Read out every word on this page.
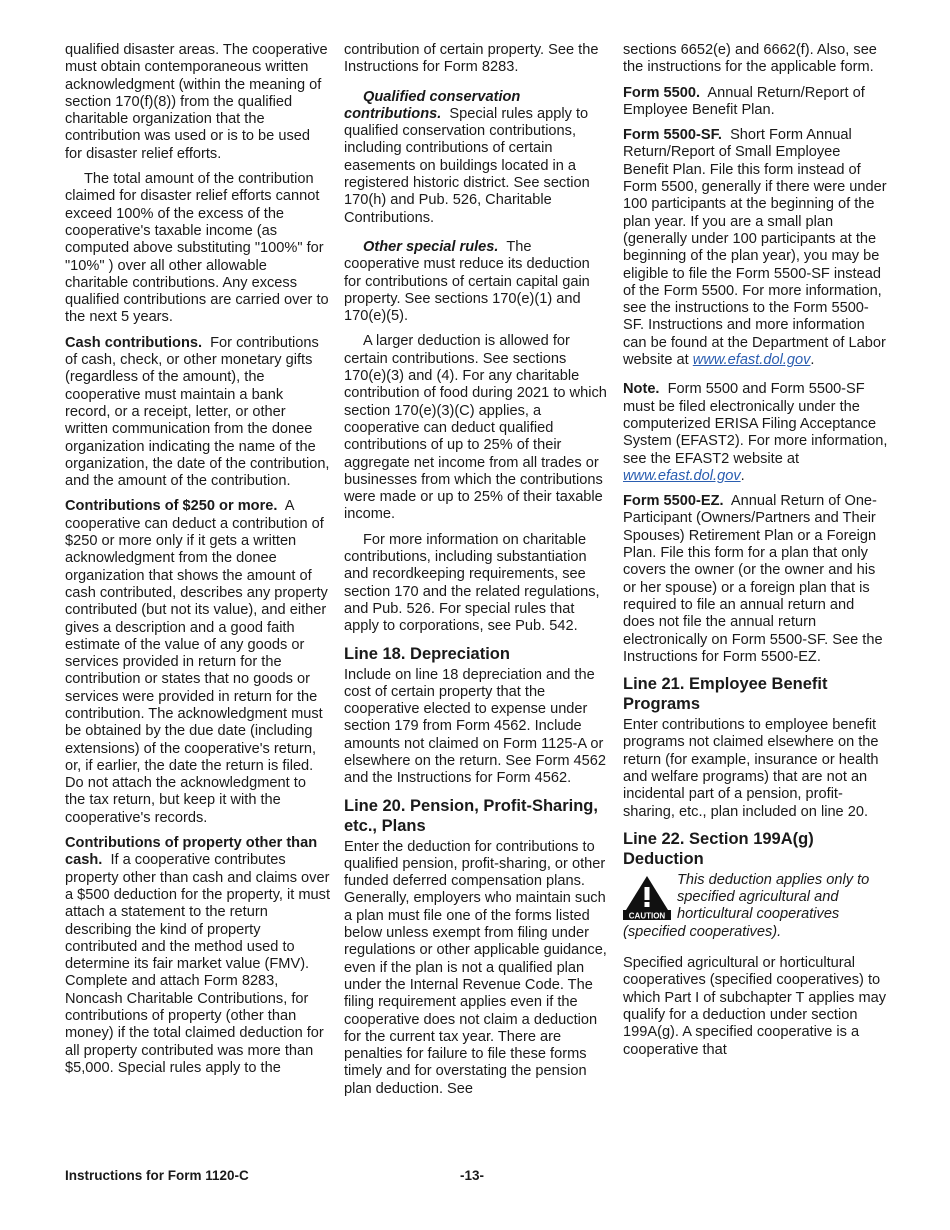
qualified disaster areas. The cooperative must obtain contemporaneous written acknowledgment (within the meaning of section 170(f)(8)) from the qualified charitable organization that the contribution was used or is to be used for disaster relief efforts.

The total amount of the contribution claimed for disaster relief efforts cannot exceed 100% of the excess of the cooperative's taxable income (as computed above substituting "100%" for "10%" ) over all other allowable charitable contributions. Any excess qualified contributions are carried over to the next 5 years.

Cash contributions. For contributions of cash, check, or other monetary gifts (regardless of the amount), the cooperative must maintain a bank record, or a receipt, letter, or other written communication from the donee organization indicating the name of the organization, the date of the contribution, and the amount of the contribution.

Contributions of $250 or more. A cooperative can deduct a contribution of $250 or more only if it gets a written acknowledgment from the donee organization that shows the amount of cash contributed, describes any property contributed (but not its value), and either gives a description and a good faith estimate of the value of any goods or services provided in return for the contribution or states that no goods or services were provided in return for the contribution. The acknowledgment must be obtained by the due date (including extensions) of the cooperative's return, or, if earlier, the date the return is filed. Do not attach the acknowledgment to the tax return, but keep it with the cooperative's records.

Contributions of property other than cash. If a cooperative contributes property other than cash and claims over a $500 deduction for the property, it must attach a statement to the return describing the kind of property contributed and the method used to determine its fair market value (FMV). Complete and attach Form 8283, Noncash Charitable Contributions, for contributions of property (other than money) if the total claimed deduction for all property contributed was more than $5,000. Special rules apply to the

contribution of certain property. See the Instructions for Form 8283.

Qualified conservation contributions. Special rules apply to qualified conservation contributions, including contributions of certain easements on buildings located in a registered historic district. See section 170(h) and Pub. 526, Charitable Contributions.

Other special rules. The cooperative must reduce its deduction for contributions of certain capital gain property. See sections 170(e)(1) and 170(e)(5).

A larger deduction is allowed for certain contributions. See sections 170(e)(3) and (4). For any charitable contribution of food during 2021 to which section 170(e)(3)(C) applies, a cooperative can deduct qualified contributions of up to 25% of their aggregate net income from all trades or businesses from which the contributions were made or up to 25% of their taxable income.

For more information on charitable contributions, including substantiation and recordkeeping requirements, see section 170 and the related regulations, and Pub. 526. For special rules that apply to corporations, see Pub. 542.

Line 18. Depreciation

Include on line 18 depreciation and the cost of certain property that the cooperative elected to expense under section 179 from Form 4562. Include amounts not claimed on Form 1125-A or elsewhere on the return. See Form 4562 and the Instructions for Form 4562.

Line 20. Pension, Profit-Sharing, etc., Plans

Enter the deduction for contributions to qualified pension, profit-sharing, or other funded deferred compensation plans. Generally, employers who maintain such a plan must file one of the forms listed below unless exempt from filing under regulations or other applicable guidance, even if the plan is not a qualified plan under the Internal Revenue Code. The filing requirement applies even if the cooperative does not claim a deduction for the current tax year. There are penalties for failure to file these forms timely and for overstating the pension plan deduction. See

sections 6652(e) and 6662(f). Also, see the instructions for the applicable form.

Form 5500. Annual Return/Report of Employee Benefit Plan.

Form 5500-SF. Short Form Annual Return/Report of Small Employee Benefit Plan. File this form instead of Form 5500, generally if there were under 100 participants at the beginning of the plan year. If you are a small plan (generally under 100 participants at the beginning of the plan year), you may be eligible to file the Form 5500-SF instead of the Form 5500. For more information, see the instructions to the Form 5500-SF. Instructions and more information can be found at the Department of Labor website at www.efast.dol.gov.

Note. Form 5500 and Form 5500-SF must be filed electronically under the computerized ERISA Filing Acceptance System (EFAST2). For more information, see the EFAST2 website at www.efast.dol.gov.

Form 5500-EZ. Annual Return of One-Participant (Owners/Partners and Their Spouses) Retirement Plan or a Foreign Plan. File this form for a plan that only covers the owner (or the owner and his or her spouse) or a foreign plan that is required to file an annual return and does not file the annual return electronically on Form 5500-SF. See the Instructions for Form 5500-EZ.

Line 21. Employee Benefit Programs

Enter contributions to employee benefit programs not claimed elsewhere on the return (for example, insurance or health and welfare programs) that are not an incidental part of a pension, profit-sharing, etc., plan included on line 20.

Line 22. Section 199A(g) Deduction
CAUTION
This deduction applies only to specified agricultural and horticultural cooperatives
(specified cooperatives).

Specified agricultural or horticultural cooperatives (specified cooperatives) to which Part I of subchapter T applies may qualify for a deduction under section 199A(g). A specified cooperative is a cooperative that

Instructions for Form 1120-C	-13-
